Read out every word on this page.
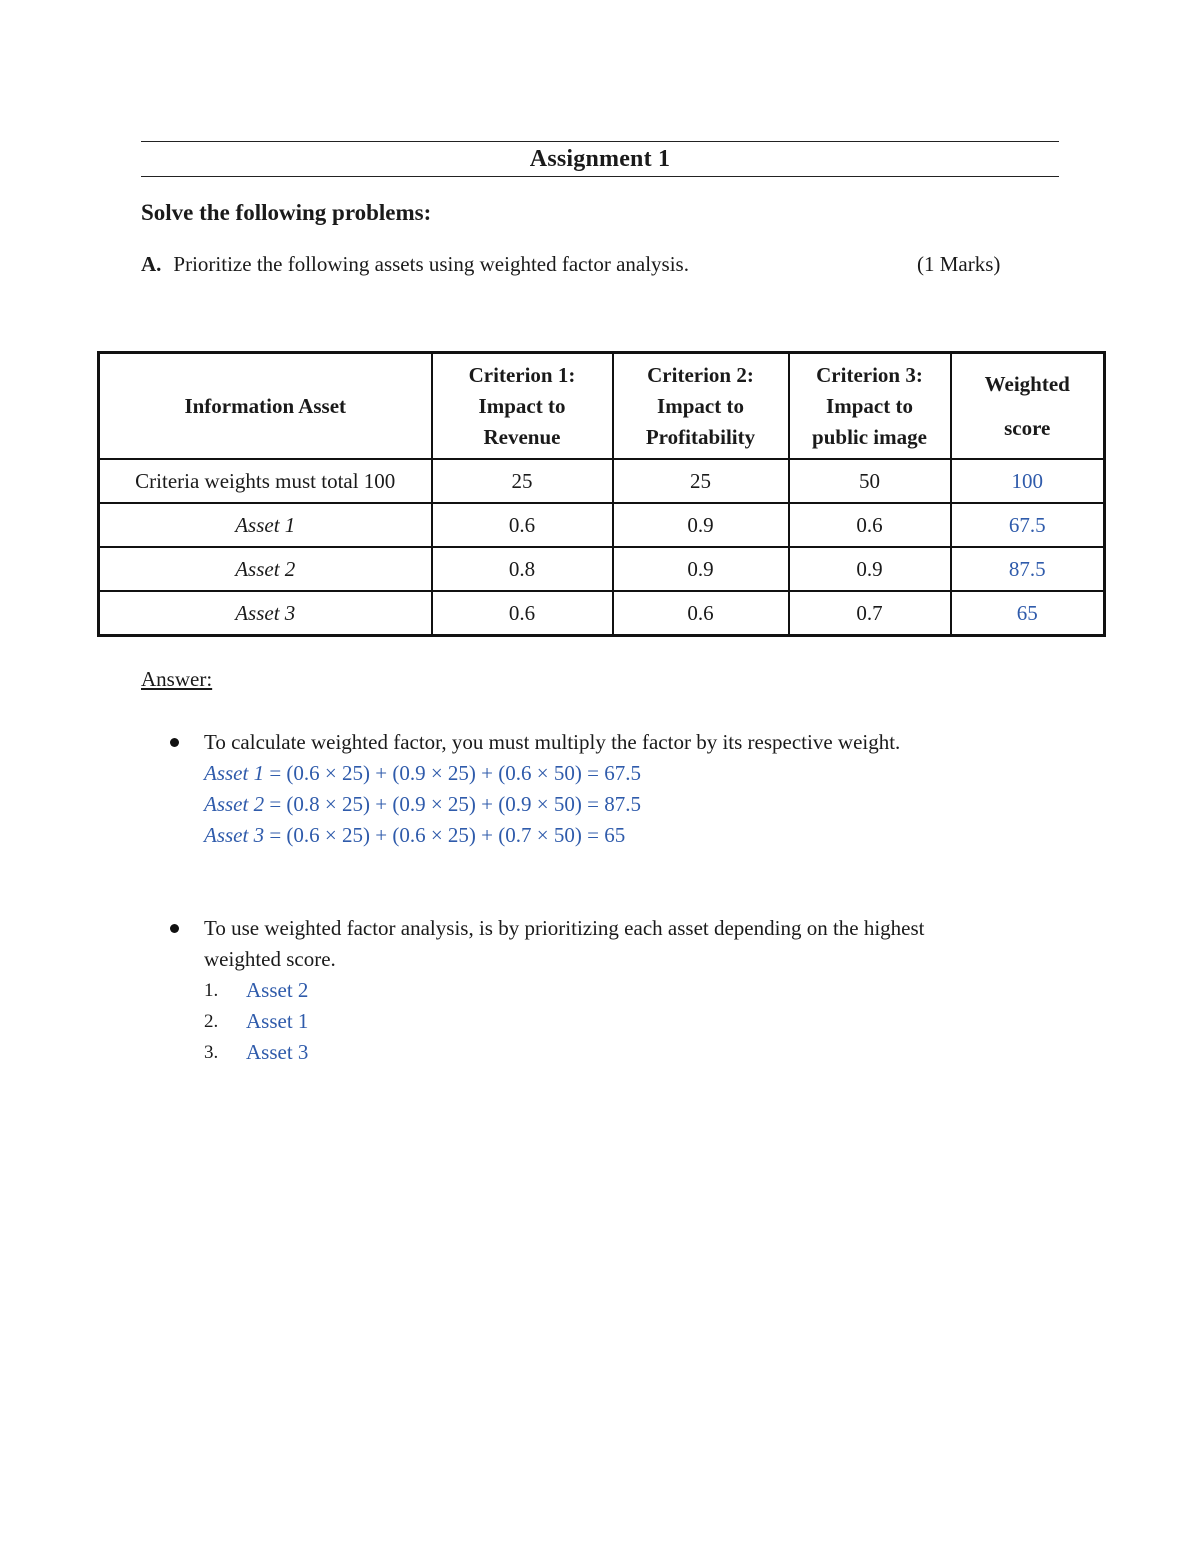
Assignment 1
Solve the following problems:
A. Prioritize the following assets using weighted factor analysis.	(1 Marks)
Information Asset	Criterion 1: Impact to Revenue	Criterion 2: Impact to Profitability	Criterion 3: Impact to public image	Weighted score
Criteria weights must total 100	25	25	50	100
Asset 1	0.6	0.9	0.6	67.5
Asset 2	0.8	0.9	0.9	87.5
Asset 3	0.6	0.6	0.7	65
Answer:
To calculate weighted factor, you must multiply the factor by its respective weight.
Asset 1 = (0.6 × 25) + (0.9 × 25) + (0.6 × 50) = 67.5
Asset 2 = (0.8 × 25) + (0.9 × 25) + (0.9 × 50) = 87.5
Asset 3 = (0.6 × 25) + (0.6 × 25) + (0.7 × 50) = 65
To use weighted factor analysis, is by prioritizing each asset depending on the highest
weighted score.
1.	Asset 2
2.	Asset 1
3.	Asset 3
